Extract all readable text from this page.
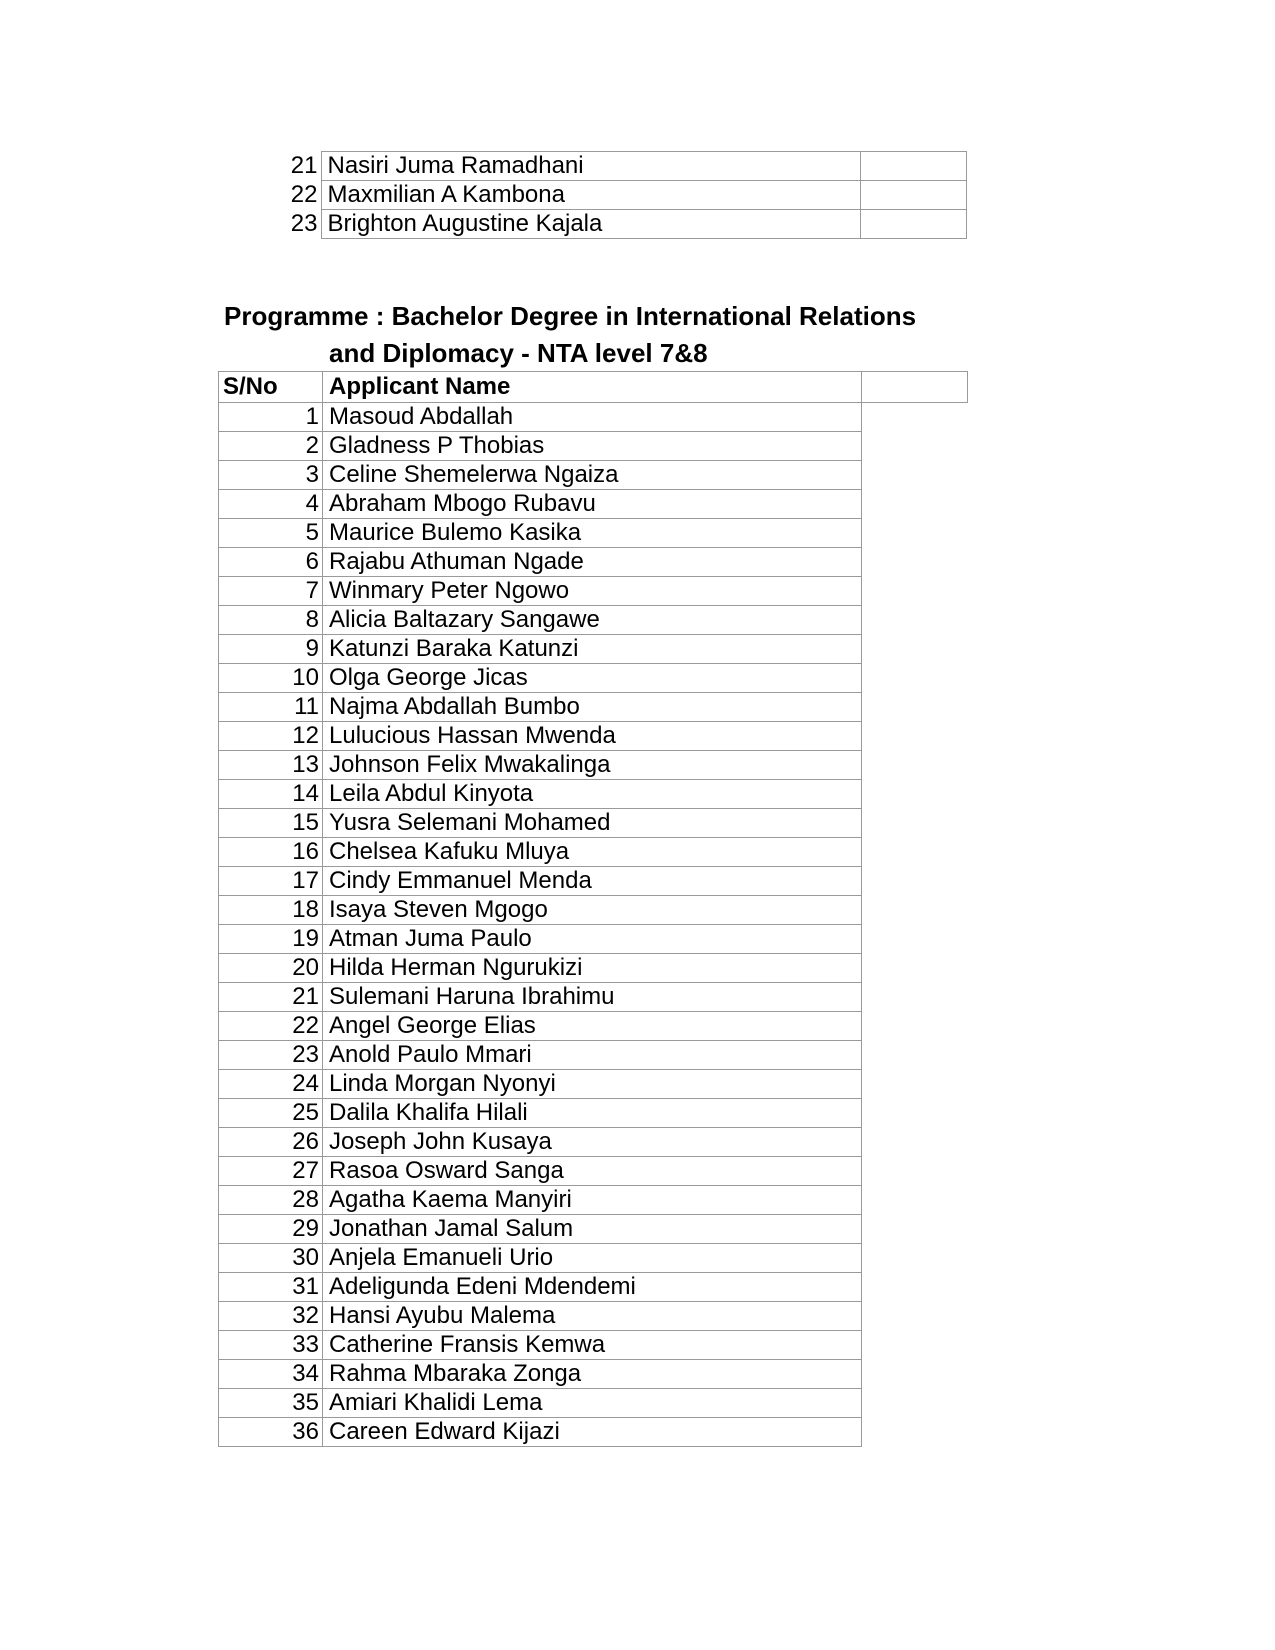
21	Nasiri Juma Ramadhani	
22	Maxmilian A Kambona	
23	Brighton Augustine Kajala	
Programme : Bachelor Degree in International Relations
and Diplomacy - NTA level 7&8
S/No	Applicant Name	
1	Masoud Abdallah	
2	Gladness P Thobias	
3	Celine Shemelerwa Ngaiza	
4	Abraham Mbogo Rubavu	
5	Maurice Bulemo Kasika	
6	Rajabu Athuman Ngade	
7	Winmary Peter Ngowo	
8	Alicia Baltazary Sangawe	
9	Katunzi Baraka Katunzi	
10	Olga George Jicas	
11	Najma Abdallah Bumbo	
12	Lulucious Hassan Mwenda	
13	Johnson Felix Mwakalinga	
14	Leila Abdul Kinyota	
15	Yusra Selemani Mohamed	
16	Chelsea Kafuku Mluya	
17	Cindy Emmanuel Menda	
18	Isaya Steven Mgogo	
19	Atman Juma Paulo	
20	Hilda Herman Ngurukizi	
21	Sulemani Haruna Ibrahimu	
22	Angel George Elias	
23	Anold Paulo Mmari	
24	Linda Morgan Nyonyi	
25	Dalila Khalifa Hilali	
26	Joseph John Kusaya	
27	Rasoa Osward Sanga	
28	Agatha Kaema Manyiri	
29	Jonathan Jamal Salum	
30	Anjela Emanueli Urio	
31	Adeligunda Edeni Mdendemi	
32	Hansi Ayubu Malema	
33	Catherine Fransis Kemwa	
34	Rahma Mbaraka Zonga	
35	Amiari Khalidi Lema	
36	Careen Edward Kijazi	
